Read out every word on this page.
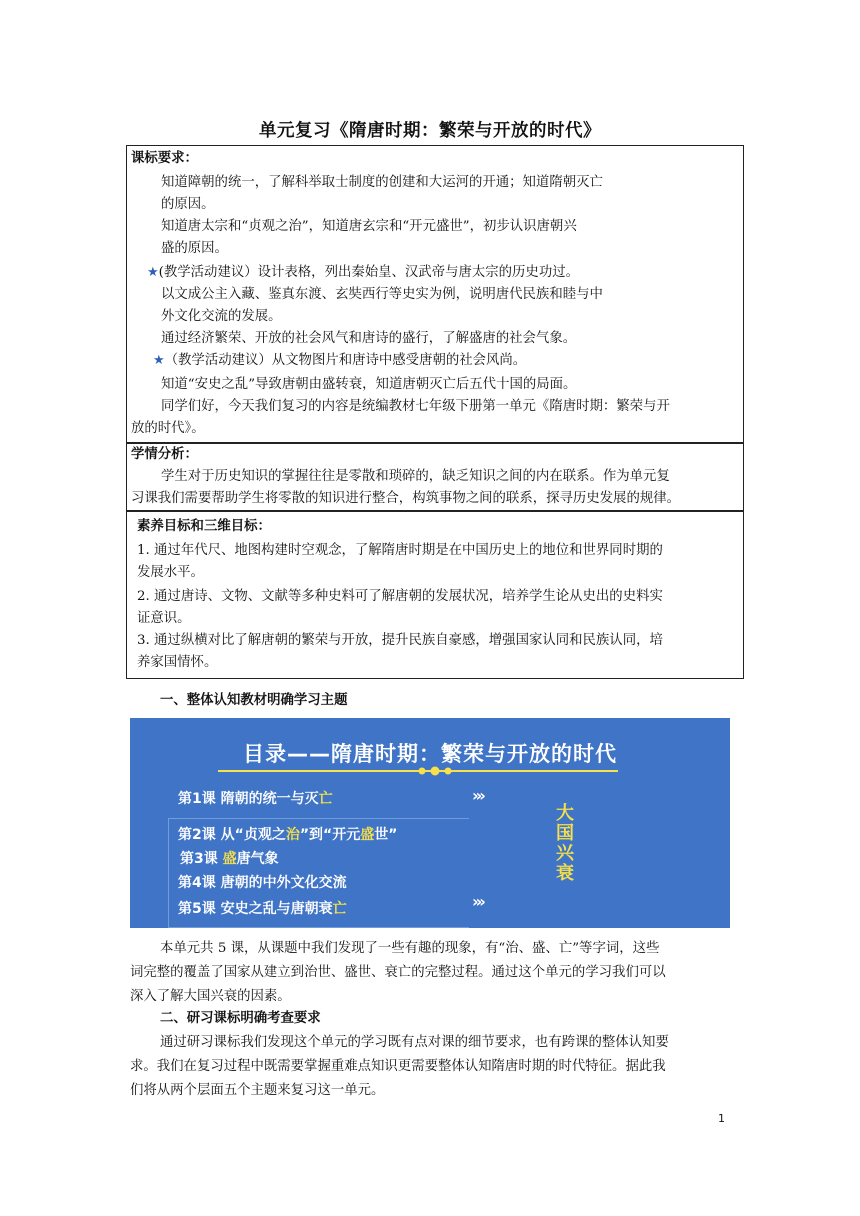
单元复习《隋唐时期：繁荣与开放的时代》
课标要求：
知道障朝的统一，了解科举取士制度的创建和大运河的开通；知道隋朝灭亡
的原因。
知道唐太宗和“贞观之治”，知道唐玄宗和“开元盛世”，初步认识唐朝兴
盛的原因。
★(教学活动建议）设计表格，列出秦始皇、汉武帝与唐太宗的历史功过。
以文成公主入藏、鉴真东渡、玄奘西行等史实为例，说明唐代民族和睦与中
外文化交流的发展。
通过经济繁荣、开放的社会风气和唐诗的盛行，了解盛唐的社会气象。
★（教学活动建议）从文物图片和唐诗中感受唐朝的社会风尚。
知道“安史之乱”导致唐朝由盛转衰，知道唐朝灭亡后五代十国的局面。
同学们好，今天我们复习的内容是统编教材七年级下册第一单元《隋唐时期：繁荣与开
放的时代》。
学情分析：
学生对于历史知识的掌握往往是零散和琐碎的，缺乏知识之间的内在联系。作为单元复
习课我们需要帮助学生将零散的知识进行整合，构筑事物之间的联系，探寻历史发展的规律。
素养目标和三维目标：
1. 通过年代尺、地图构建时空观念，了解隋唐时期是在中国历史上的地位和世界同时期的
发展水平。
2. 通过唐诗、文物、文献等多种史料可了解唐朝的发展状况，培养学生论从史出的史料实
证意识。
3. 通过纵横对比了解唐朝的繁荣与开放，提升民族自豪感，增强国家认同和民族认同，培
养家国情怀。
一、整体认知教材明确学习主题
目录——隋唐时期：繁荣与开放的时代
第1课 隋朝的统一与灭亡
第2课 从“贞观之治”到“开元盛世”
第3课 盛唐气象
第4课 唐朝的中外文化交流
第5课 安史之乱与唐朝衰亡
›››
›››
大
国
兴
衰
本单元共 5 课，从课题中我们发现了一些有趣的现象，有“治、盛、亡”等字词，这些
词完整的覆盖了国家从建立到治世、盛世、衰亡的完整过程。通过这个单元的学习我们可以
深入了解大国兴衰的因素。
二、研习课标明确考查要求
通过研习课标我们发现这个单元的学习既有点对课的细节要求，也有跨课的整体认知要
求。我们在复习过程中既需要掌握重难点知识更需要整体认知隋唐时期的时代特征。据此我
们将从两个层面五个主题来复习这一单元。
1
